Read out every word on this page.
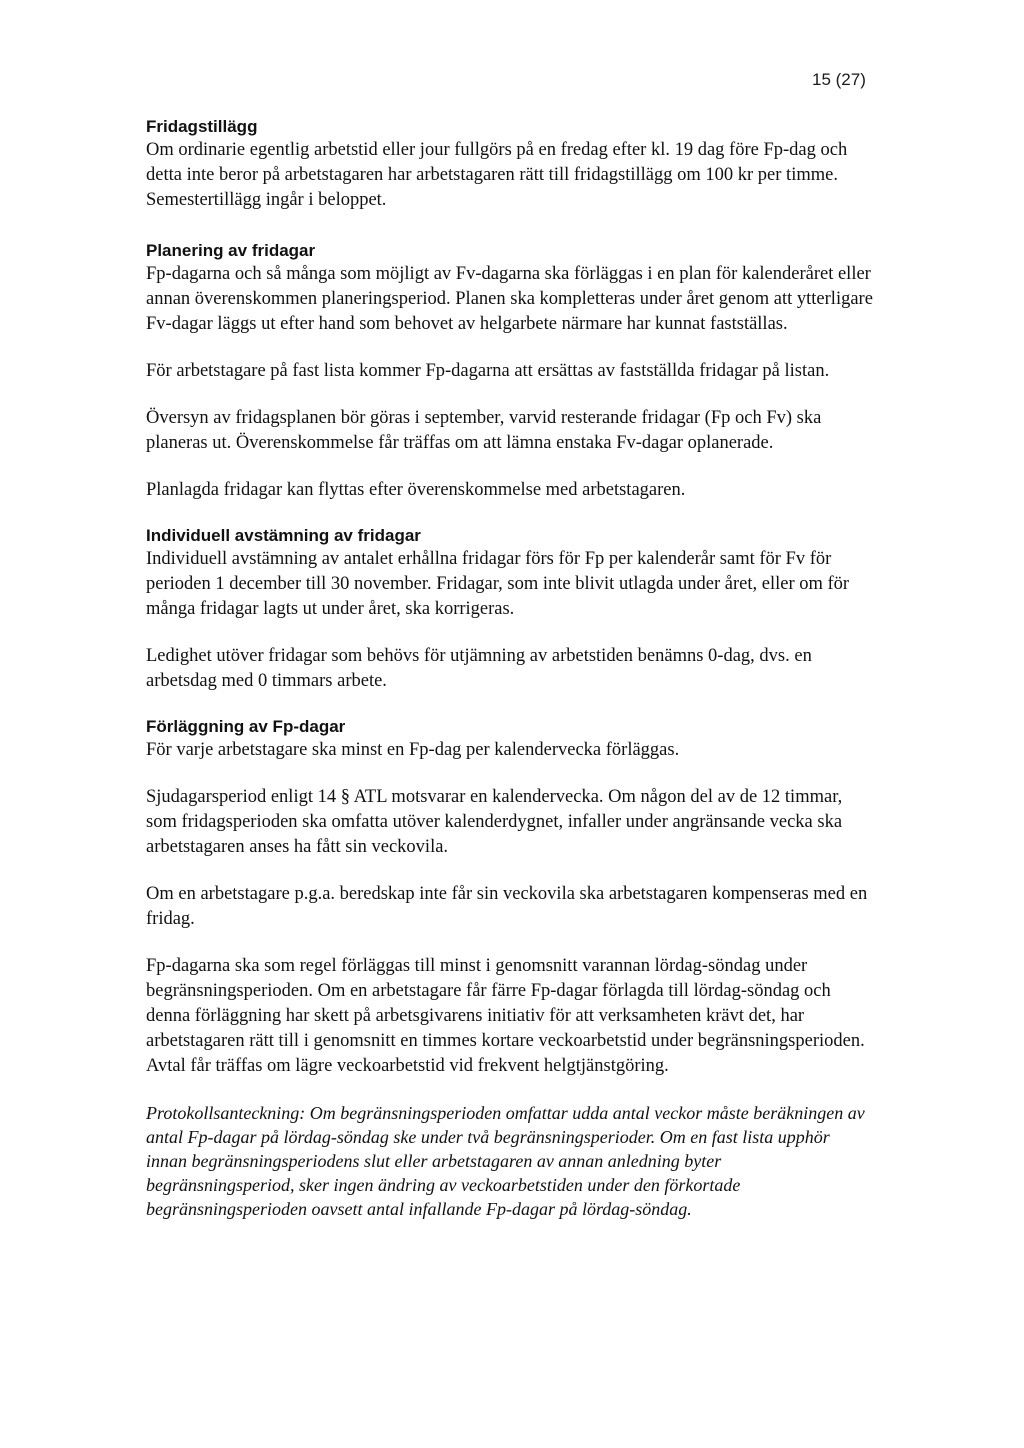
15 (27)
Fridagstillägg

Om ordinarie egentlig arbetstid eller jour fullgörs på en fredag efter kl. 19 dag före Fp-dag och detta inte beror på arbetstagaren har arbetstagaren rätt till fridagstillägg om 100 kr per timme. Semestertillägg ingår i beloppet.

Planering av fridagar

Fp-dagarna och så många som möjligt av Fv-dagarna ska förläggas i en plan för kalenderåret eller annan överenskommen planeringsperiod. Planen ska kompletteras under året genom att ytterligare Fv-dagar läggs ut efter hand som behovet av helgarbete närmare har kunnat fastställas.

För arbetstagare på fast lista kommer Fp-dagarna att ersättas av fastställda fridagar på listan.

Översyn av fridagsplanen bör göras i september, varvid resterande fridagar (Fp och Fv) ska planeras ut. Överenskommelse får träffas om att lämna enstaka Fv-dagar oplanerade.

Planlagda fridagar kan flyttas efter överenskommelse med arbetstagaren.

Individuell avstämning av fridagar

Individuell avstämning av antalet erhållna fridagar förs för Fp per kalenderår samt för Fv för perioden 1 december till 30 november. Fridagar, som inte blivit utlagda under året, eller om för många fridagar lagts ut under året, ska korrigeras.

Ledighet utöver fridagar som behövs för utjämning av arbetstiden benämns 0-dag, dvs. en arbetsdag med 0 timmars arbete.

Förläggning av Fp-dagar

För varje arbetstagare ska minst en Fp-dag per kalendervecka förläggas.

Sjudagarsperiod enligt 14 § ATL motsvarar en kalendervecka. Om någon del av de 12 timmar, som fridagsperioden ska omfatta utöver kalenderdygnet, infaller under angränsande vecka ska arbetstagaren anses ha fått sin veckovila.

Om en arbetstagare p.g.a. beredskap inte får sin veckovila ska arbetstagaren kompenseras med en fridag.

Fp-dagarna ska som regel förläggas till minst i genomsnitt varannan lördag-söndag under begränsningsperioden. Om en arbetstagare får färre Fp-dagar förlagda till lördag-söndag och denna förläggning har skett på arbetsgivarens initiativ för att verksamheten krävt det, har arbetstagaren rätt till i genomsnitt en timmes kortare veckoarbetstid under begränsningsperioden. Avtal får träffas om lägre veckoarbetstid vid frekvent helgtjänstgöring.

Protokollsanteckning: Om begränsningsperioden omfattar udda antal veckor måste beräkningen av antal Fp-dagar på lördag-söndag ske under två begränsningsperioder. Om en fast lista upphör innan begränsningsperiodens slut eller arbetstagaren av annan anledning byter begränsningsperiod, sker ingen ändring av veckoarbetstiden under den förkortade begränsningsperioden oavsett antal infallande Fp-dagar på lördag-söndag.
